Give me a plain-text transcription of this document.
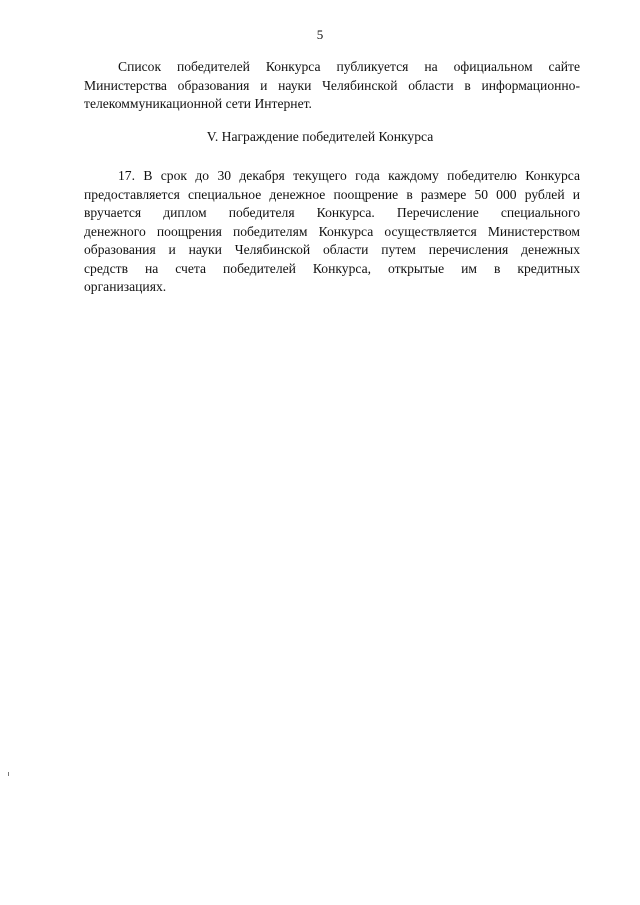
5
Список победителей Конкурса публикуется на официальном сайте
Министерства образования и науки Челябинской области в информационно-
телекоммуникационной сети Интернет.
V. Награждение победителей Конкурса
17. В срок до 30 декабря текущего года каждому победителю Конкурса
предоставляется специальное денежное поощрение в размере 50 000 рублей и
вручается диплом победителя Конкурса. Перечисление специального
денежного поощрения победителям Конкурса осуществляется Министерством
образования и науки Челябинской области путем перечисления денежных
средств на счета победителей Конкурса, открытые им в кредитных
организациях.
